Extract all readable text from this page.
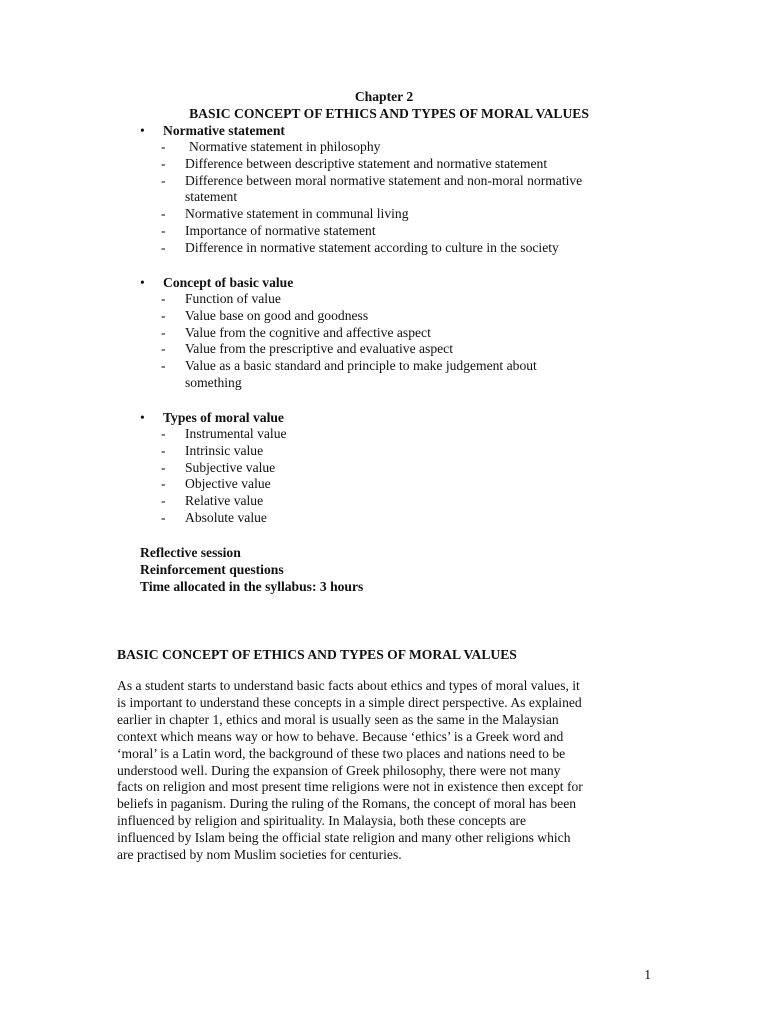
Chapter 2
BASIC CONCEPT OF ETHICS AND TYPES OF MORAL VALUES
• Normative statement
- Normative statement in philosophy
- Difference between descriptive statement and normative statement
- Difference between moral normative statement and non-moral normative
statement
- Normative statement in communal living
- Importance of normative statement
- Difference in normative statement according to culture in the society
• Concept of basic value
- Function of value
- Value base on good and goodness
- Value from the cognitive and affective aspect
- Value from the prescriptive and evaluative aspect
- Value as a basic standard and principle to make judgement about
something
• Types of moral value
- Instrumental value
- Intrinsic value
- Subjective value
- Objective value
- Relative value
- Absolute value
Reflective session
Reinforcement questions
Time allocated in the syllabus: 3 hours
BASIC CONCEPT OF ETHICS AND TYPES OF MORAL VALUES
As a student starts to understand basic facts about ethics and types of moral values, it
is important to understand these concepts in a simple direct perspective. As explained
earlier in chapter 1, ethics and moral is usually seen as the same in the Malaysian
context which means way or how to behave. Because ‘ethics’ is a Greek word and
‘moral’ is a Latin word, the background of these two places and nations need to be
understood well. During the expansion of Greek philosophy, there were not many
facts on religion and most present time religions were not in existence then except for
beliefs in paganism. During the ruling of the Romans, the concept of moral has been
influenced by religion and spirituality. In Malaysia, both these concepts are
influenced by Islam being the official state religion and many other religions which
are practised by nom Muslim societies for centuries.
1
